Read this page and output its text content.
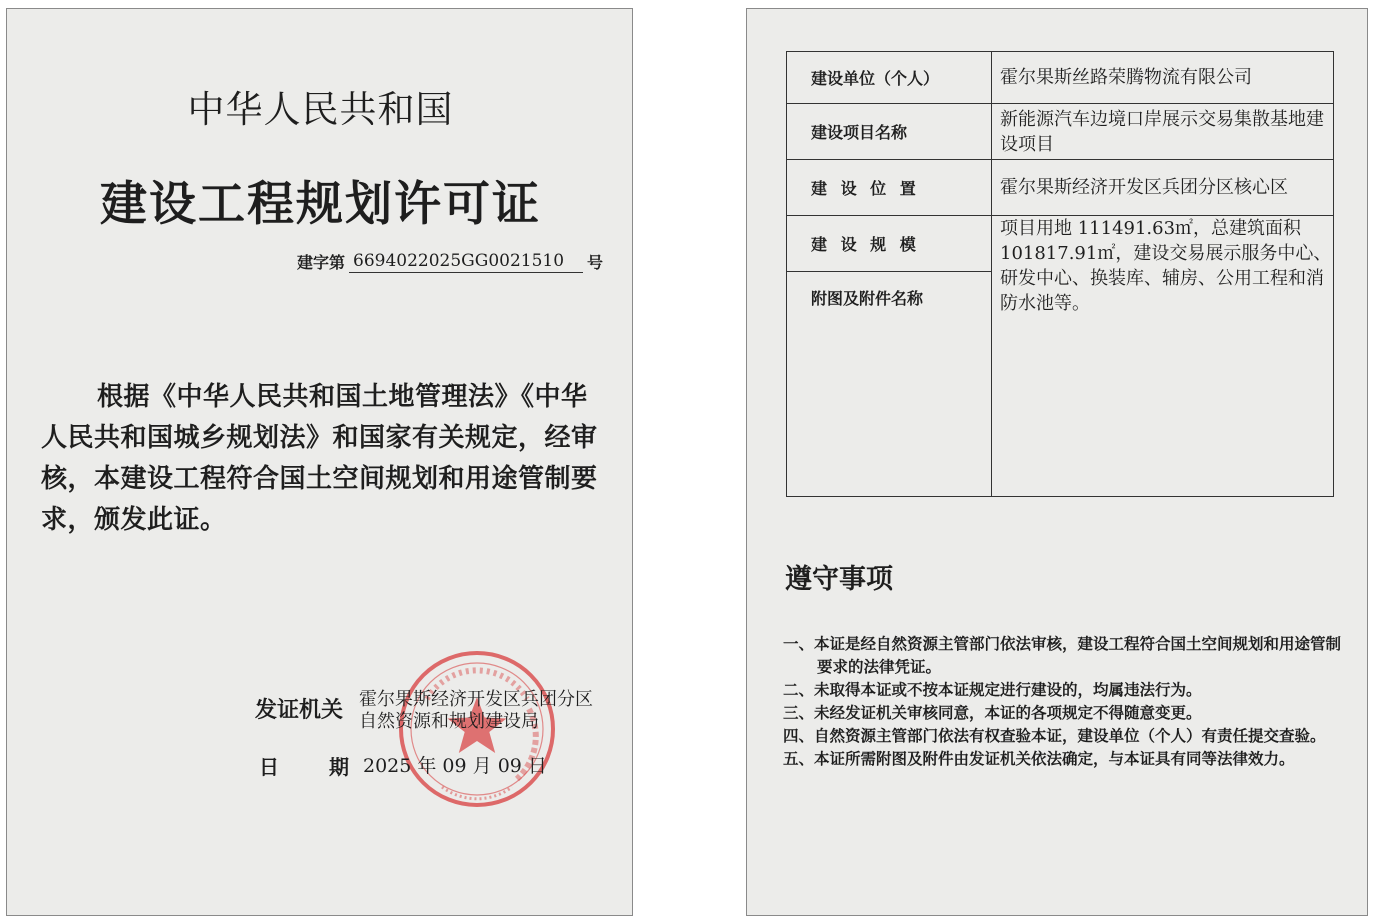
中华人民共和国
建设工程规划许可证
建字第 6694022025GG0021510	号
根据《中华人民共和国土地管理法》《中华人民共和国城乡规划法》和国家有关规定，经审核，本建设工程符合国土空间规划和用途管制要求，颁发此证。
发证机关 霍尔果斯经济开发区兵团分区
自然资源和规划建设局
日	期 2025 年 09 月 09 日
建设单位（个人）	霍尔果斯丝路荣腾物流有限公司
建设项目名称	新能源汽车边境口岸展示交易集散基地建设项目
建 设 位 置	霍尔果斯经济开发区兵团分区核心区
建 设 规 模	项目用地 111491.63㎡，总建筑面积 101817.91㎡，建设交易展示服务中心、研发中心、换装库、辅房、公用工程和消防水池等。
附图及附件名称	
遵守事项
一、本证是经自然资源主管部门依法审核，建设工程符合国土空间规划和用途管制要求的法律凭证。
二、未取得本证或不按本证规定进行建设的，均属违法行为。
三、未经发证机关审核同意，本证的各项规定不得随意变更。
四、自然资源主管部门依法有权查验本证，建设单位（个人）有责任提交查验。
五、本证所需附图及附件由发证机关依法确定，与本证具有同等法律效力。
